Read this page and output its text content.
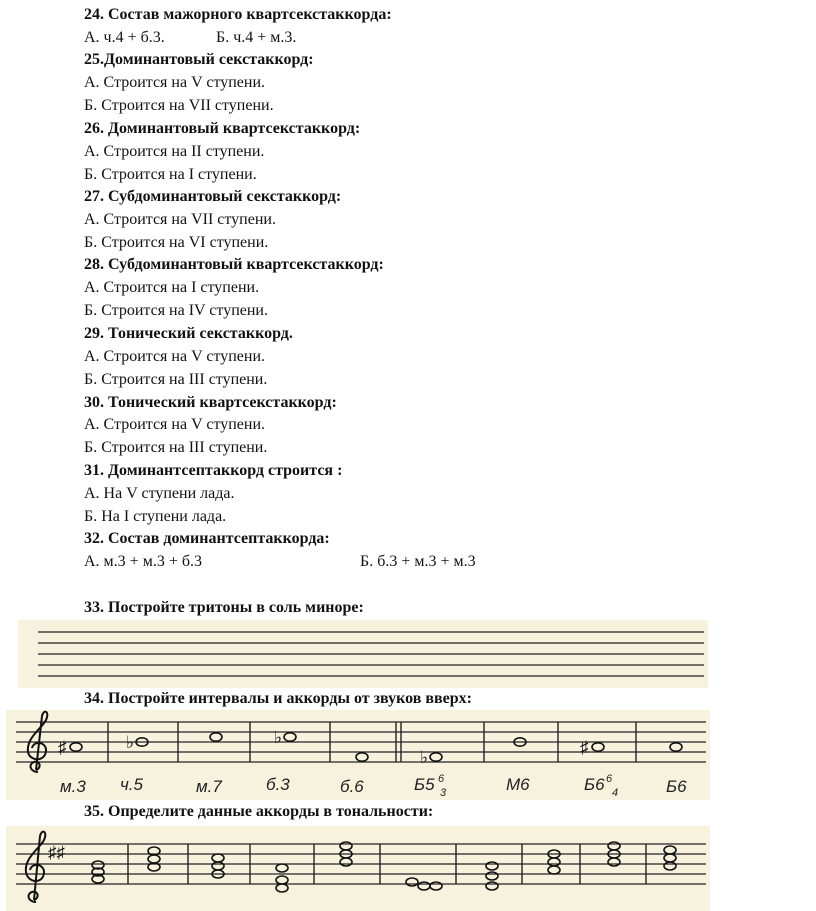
24. Состав мажорного квартсекстаккорда:
А. ч.4 + б.3.	Б. ч.4 + м.3.
25.Доминантовый секстаккорд:
А. Строится на V ступени.
Б. Строится на VII ступени.
26. Доминантовый квартсекстаккорд:
А. Строится на II ступени.
Б. Строится на I ступени.
27. Субдоминантовый секстаккорд:
А. Строится на VII ступени.
Б. Строится на VI ступени.
28. Субдоминантовый квартсекстаккорд:
А. Строится на I ступени.
Б. Строится на IV ступени.
29. Тонический секстаккорд.
А. Строится на V ступени.
Б. Строится на III ступени.
30. Тонический квартсекстаккорд:
А. Строится на V ступени.
Б. Строится на III ступени.
31. Доминантсептаккорд строится :
А. На V ступени лада.
Б. На I ступени лада.
32. Состав доминантсептаккорда:
А. м.3 + м.3 + б.3	Б. б.3 + м.3 + м.3
33. Постройте тритоны в соль миноре:
34. Постройте интервалы и аккорды от звуков вверх:
♯	♭	♭
♭
♯
м.3 ч.5	м.7	б.3	б.6	Б5 6
3	М6	Б6 6
4	Б6
35. Определите данные аккорды в тональности:
♯♯
